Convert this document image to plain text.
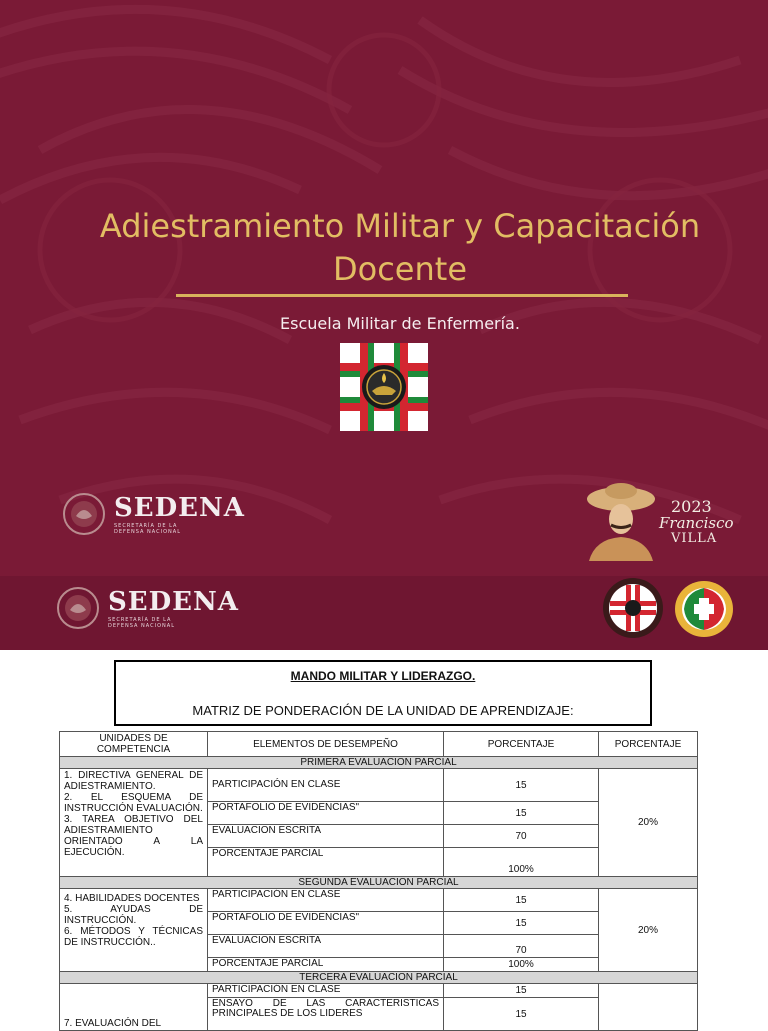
Adiestramiento Militar y Capacitación Docente
Escuela Militar de Enfermería.
SEDENA
SECRETARÍA DE LA
DEFENSA NACIONAL
2023
Francisco
VILLA
SEDENA
SECRETARÍA DE LA
DEFENSA NACIONAL
MANDO MILITAR Y LIDERAZGO.
MATRIZ DE PONDERACIÓN DE LA UNIDAD DE APRENDIZAJE:
UNIDADES DE COMPETENCIA	ELEMENTOS DE DESEMPEÑO	PORCENTAJE	PORCENTAJE
PRIMERA EVALUACION PARCIAL			

1. DIRECTIVA GENERAL DE ADIESTRAMIENTO.
2. EL ESQUEMA DE INSTRUCCIÓN EVALUACIÓN.
3. TAREA OBJETIVO DEL ADIESTRAMIENTO ORIENTADO A LA EJECUCIÓN.	PARTICIPACIÓN EN CLASE	15	20%
	PORTAFOLIO DE EVIDENCIAS"	15	
	EVALUACION ESCRITA	70	
	PORCENTAJE PARCIAL	100%	
SEGUNDA EVALUACION PARCIAL			

4. HABILIDADES DOCENTES
5. AYUDAS DE INSTRUCCIÓN.
6. MÉTODOS Y TÉCNICAS DE INSTRUCCIÓN..	PARTICIPACIÓN EN CLASE	15	20%
	PORTAFOLIO DE EVIDENCIAS"	15	
	EVALUACION ESCRITA	70	
	PORCENTAJE PARCIAL	100%	
TERCERA EVALUACION PARCIAL			

7. EVALUACIÓN DEL	PARTICIPACIÓN EN CLASE	15	
	ENSAYO DE LAS CARACTERISTICAS PRINCIPALES DE LOS LIDERES	15	
